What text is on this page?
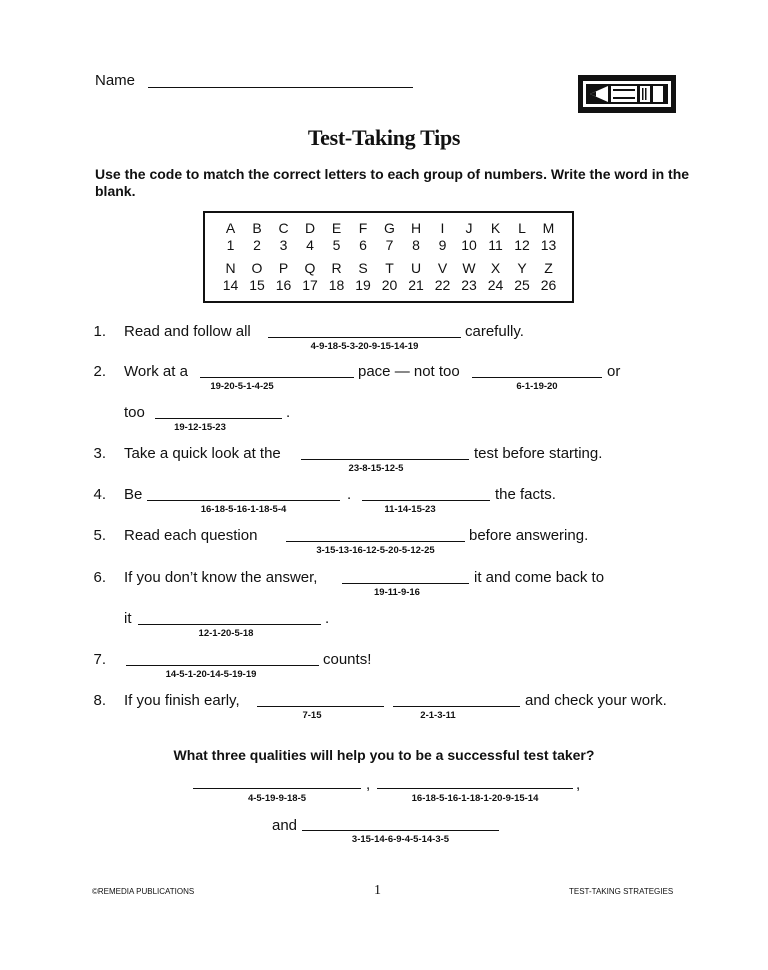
Name
Test-Taking Tips
Use the code to match the correct letters to each group of numbers. Write the word in the blank.
A	B	C	D	E	F	G	H	I	J	K	L	M
1	2	3	4	5	6	7	8	9	10 11 12 13
N	O	P	Q	R	S	T	U	V	W	X	Y	Z
14 15 16 17 18 19 20 21 22 23 24 25 26
1. Read and follow all
4-9-18-5-3-20-9-15-14-19
carefully.
2. Work at a
19-20-5-1-4-25
pace — not too
6-1-19-20
or
too
19-12-15-23
.
3. Take a quick look at the
23-8-15-12-5
test before starting.
4. Be
16-18-5-16-1-18-5-4
.
11-14-15-23
the facts.
5. Read each question
3-15-13-16-12-5-20-5-12-25
before answering.
6. If you don’t know the answer,
19-11-9-16
it and come back to
it
12-1-20-5-18
.
7.
14-5-1-20-14-5-19-19
counts!
8. If you finish early,
7-15	2-1-3-11
and check your work.
What three qualities will help you to be a successful test taker?
4-5-19-9-18-5
,
16-18-5-16-1-18-1-20-9-15-14
,
and
3-15-14-6-9-4-5-14-3-5
©REMEDIA PUBLICATIONS	1	TEST-TAKING STRATEGIES
